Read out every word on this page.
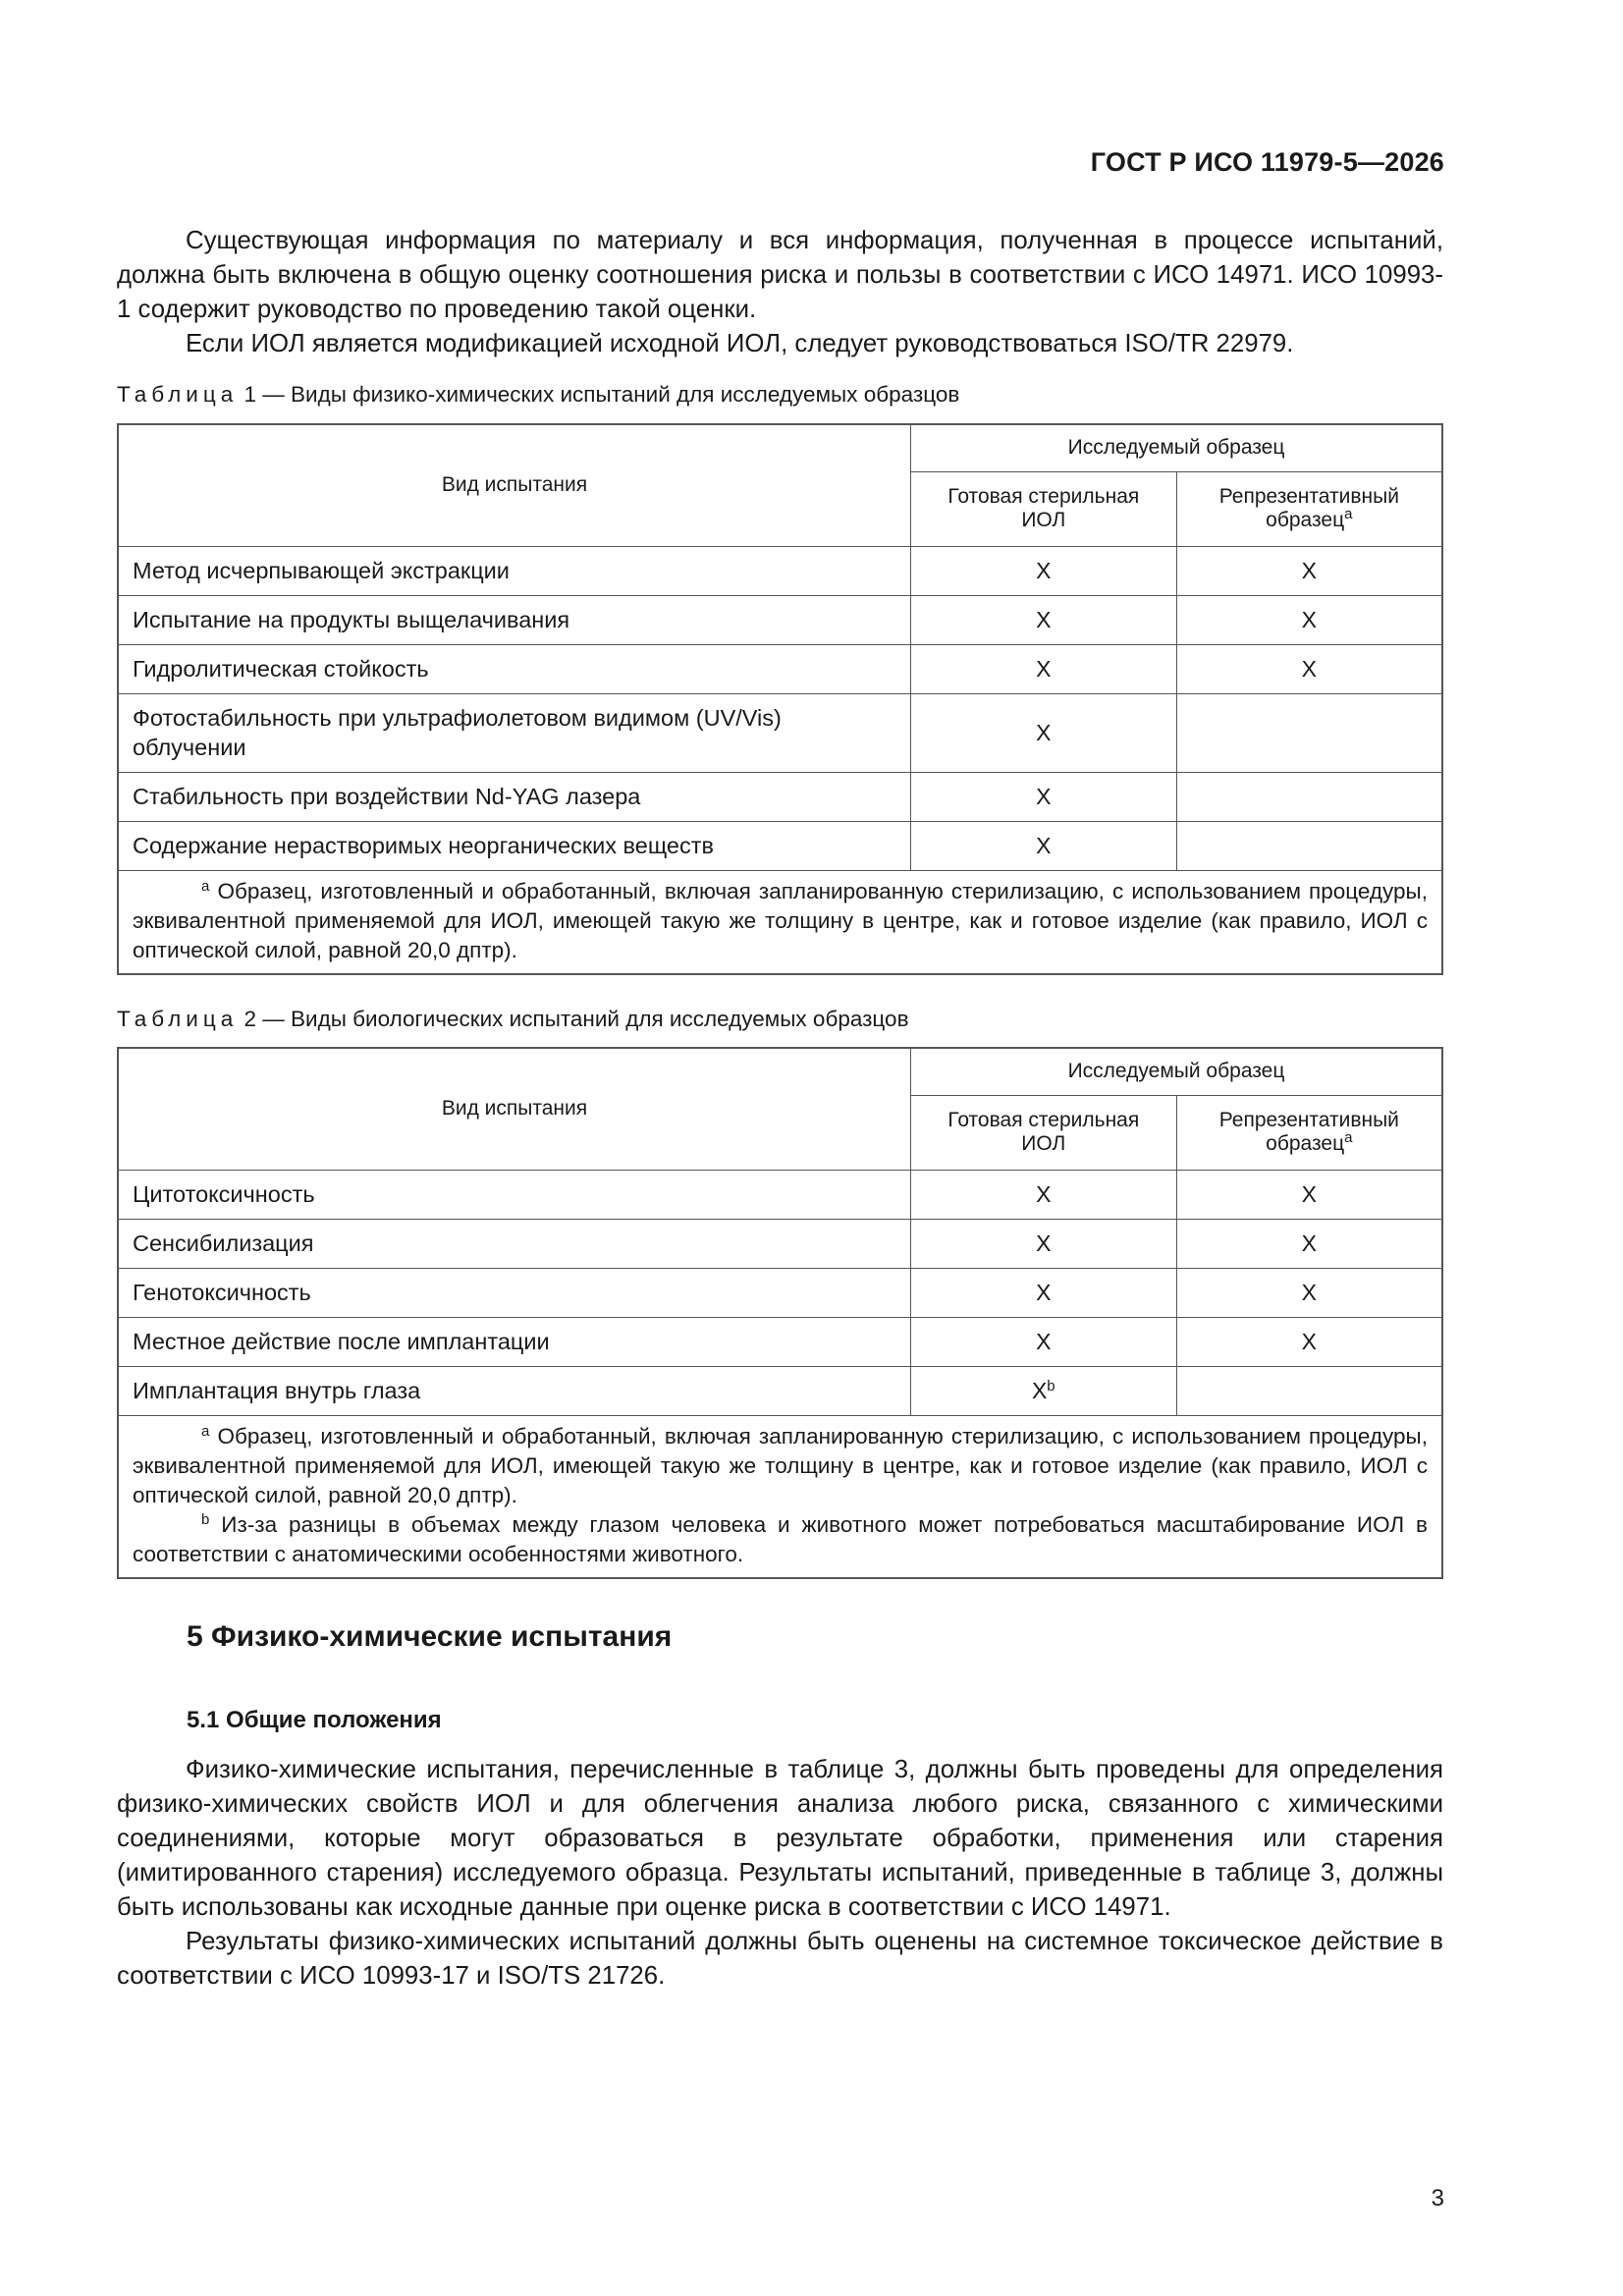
ГОСТ Р ИСО 11979-5—2026

Существующая информация по материалу и вся информация, полученная в процессе испытаний, должна быть включена в общую оценку соотношения риска и пользы в соответствии с ИСО 14971. ИСО 10993-1 содержит руководство по проведению такой оценки.

Если ИОЛ является модификацией исходной ИОЛ, следует руководствоваться ISO/TR 22979.

Таблица 1 — Виды физико-химических испытаний для исследуемых образцов

Вид испытания	Исследуемый образец	
	Готовая стерильная ИОЛ	Репрезентативный образец$^a$
Метод исчерпывающей экстракции	X	X
Испытание на продукты выщелачивания	X	X
Гидролитическая стойкость	X	X
Фотостабильность при ультрафиолетовом видимом (UV/Vis) облучении	X	
Стабильность при воздействии Nd-YAG лазера	X	
Содержание нерастворимых неорганических веществ	X	

$^a$ Образец, изготовленный и обработанный, включая запланированную стерилизацию, с использованием процедуры, эквивалентной применяемой для ИОЛ, имеющей такую же толщину в центре, как и готовое изделие (как правило, ИОЛ с оптической силой, равной 20,0 дптр).		

Таблица 2 — Виды биологических испытаний для исследуемых образцов

Вид испытания	Исследуемый образец	
	Готовая стерильная ИОЛ	Репрезентативный образец$^a$
Цитотоксичность	X	X
Сенсибилизация	X	X
Генотоксичность	X	X
Местное действие после имплантации	X	X
Имплантация внутрь глаза	$X^b$	

$^a$ Образец, изготовленный и обработанный, включая запланированную стерилизацию, с использованием процедуры, эквивалентной применяемой для ИОЛ, имеющей такую же толщину в центре, как и готовое изделие (как правило, ИОЛ с оптической силой, равной 20,0 дптр).

$^b$ Из-за разницы в объемах между глазом человека и животного может потребоваться масштабирование ИОЛ в соответствии с анатомическими особенностями животного.		

5 Физико-химические испытания
5.1 Общие положения

Физико-химические испытания, перечисленные в таблице 3, должны быть проведены для определения физико-химических свойств ИОЛ и для облегчения анализа любого риска, связанного с химическими соединениями, которые могут образоваться в результате обработки, применения или старения (имитированного старения) исследуемого образца. Результаты испытаний, приведенные в таблице 3, должны быть использованы как исходные данные при оценке риска в соответствии с ИСО 14971.

Результаты физико-химических испытаний должны быть оценены на системное токсическое действие в соответствии с ИСО 10993-17 и ISO/TS 21726.

3
